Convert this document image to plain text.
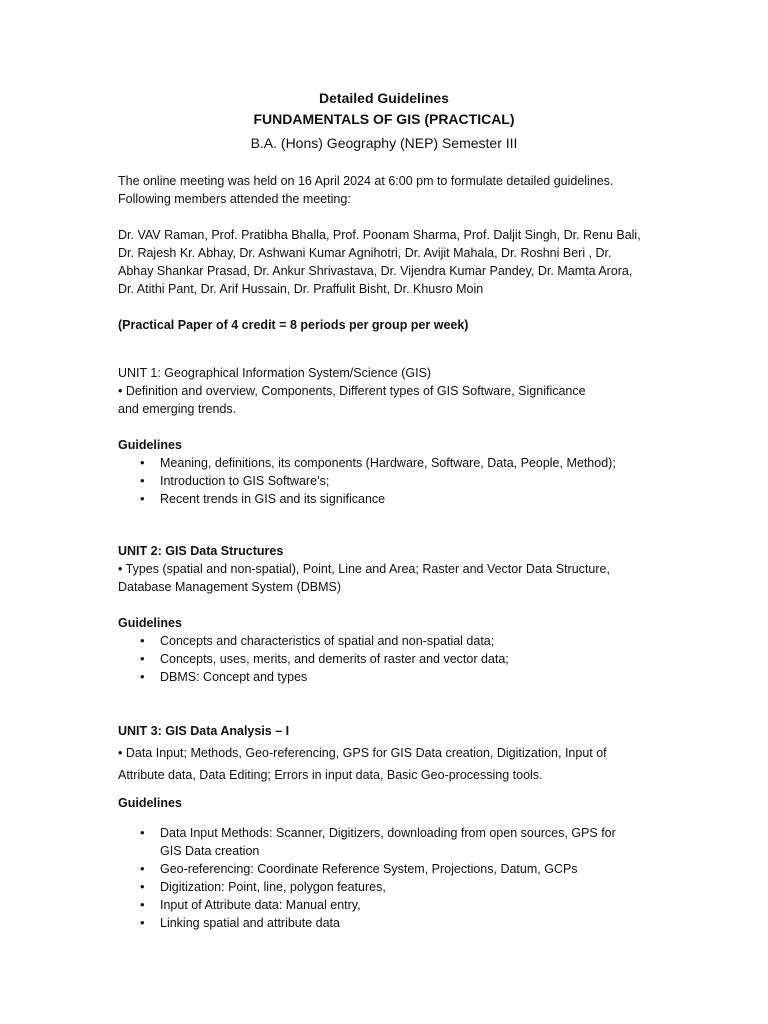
Detailed Guidelines
FUNDAMENTALS OF GIS (PRACTICAL)
B.A. (Hons) Geography (NEP) Semester III

The online meeting was held on 16 April 2024 at 6:00 pm to formulate detailed guidelines.

Following members attended the meeting:

Dr. VAV Raman, Prof. Pratibha Bhalla, Prof. Poonam Sharma, Prof. Daljit Singh, Dr. Renu Bali,

Dr. Rajesh Kr. Abhay, Dr. Ashwani Kumar Agnihotri, Dr. Avijit Mahala, Dr. Roshni Beri , Dr.

Abhay Shankar Prasad, Dr. Ankur Shrivastava, Dr. Vijendra Kumar Pandey, Dr. Mamta Arora,

Dr. Atithi Pant, Dr. Arif Hussain, Dr. Praffulit Bisht, Dr. Khusro Moin

(Practical Paper of 4 credit = 8 periods per group per week)

UNIT 1: Geographical Information System/Science (GIS)

• Definition and overview, Components, Different types of GIS Software, Significance

and emerging trends.

Guidelines

• Meaning, definitions, its components (Hardware, Software, Data, People, Method);
• Introduction to GIS Software’s;
• Recent trends in GIS and its significance

UNIT 2: GIS Data Structures

• Types (spatial and non-spatial), Point, Line and Area; Raster and Vector Data Structure,

Database Management System (DBMS)

Guidelines

• Concepts and characteristics of spatial and non-spatial data;
• Concepts, uses, merits, and demerits of raster and vector data;
• DBMS: Concept and types

UNIT 3: GIS Data Analysis – I

• Data Input; Methods, Geo-referencing, GPS for GIS Data creation, Digitization, Input of

Attribute data, Data Editing; Errors in input data, Basic Geo-processing tools.

Guidelines

• Data Input Methods: Scanner, Digitizers, downloading from open sources, GPS for
GIS Data creation
• Geo-referencing: Coordinate Reference System, Projections, Datum, GCPs
• Digitization: Point, line, polygon features,
• Input of Attribute data: Manual entry,
• Linking spatial and attribute data
